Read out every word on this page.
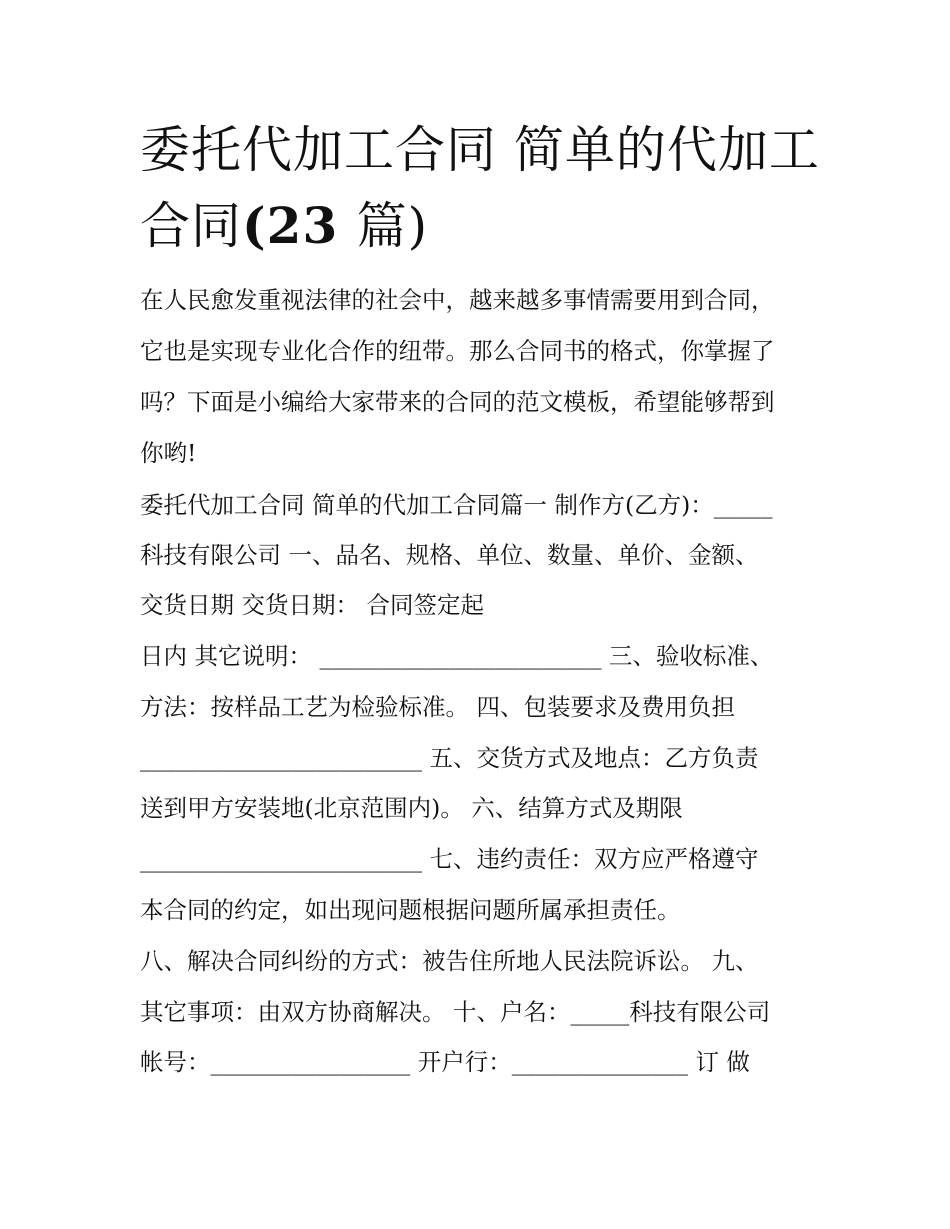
委托代加工合同 简单的代加工
合同(23 篇)

在人民愈发重视法律的社会中，越来越多事情需要用到合同，

它也是实现专业化合作的纽带。那么合同书的格式，你掌握了

吗？下面是小编给大家带来的合同的范文模板，希望能够帮到

你哟!

委托代加工合同 简单的代加工合同篇一 制作方(乙方)：_____

科技有限公司 一、品名、规格、单位、数量、单价、金额、

交货日期 交货日期： 合同签定起

日内 其它说明： ________________________ 三、验收标准、

方法：按样品工艺为检验标准。 四、包装要求及费用负担

________________________ 五、交货方式及地点：乙方负责

送到甲方安装地(北京范围内)。 六、结算方式及期限

________________________ 七、违约责任：双方应严格遵守

本合同的约定，如出现问题根据问题所属承担责任。

八、解决合同纠纷的方式：被告住所地人民法院诉讼。 九、

其它事项：由双方协商解决。 十、户名：_____科技有限公司

帐号：_________________ 开户行：_______________ 订 做
